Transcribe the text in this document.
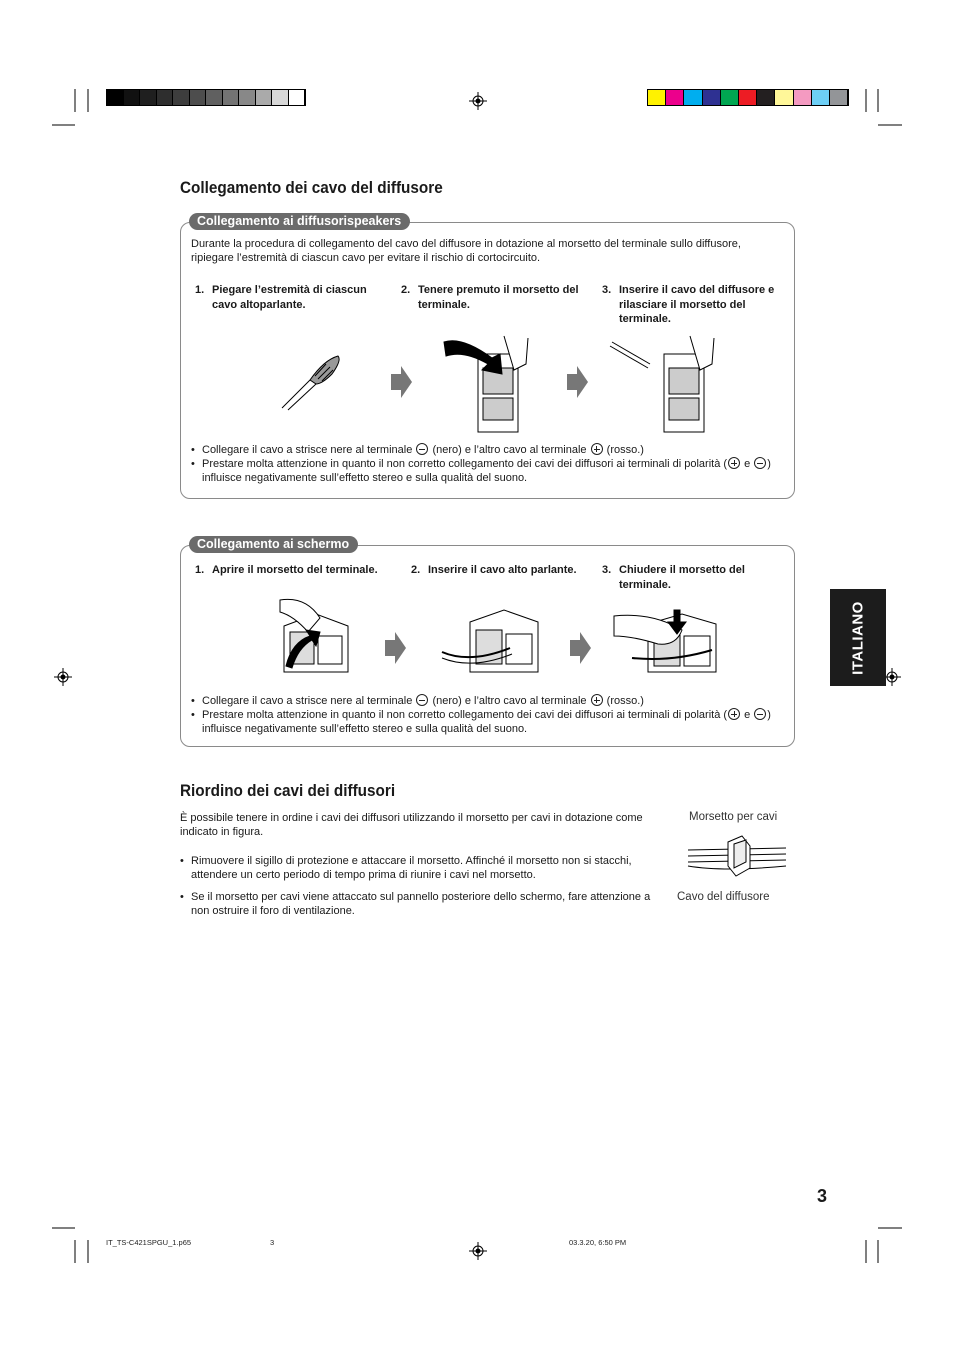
Collegamento dei cavo del diffusore
Collegamento ai diffusorispeakers
Durante la procedura di collegamento del cavo del diffusore in dotazione al morsetto del terminale sullo diffusore, ripiegare l’estremità di ciascun cavo per evitare il rischio di cortocircuito.
1. Piegare l’estremità di ciascun cavo altoparlante.
2. Tenere premuto il morsetto del terminale.
3. Inserire il cavo del diffusore e rilasciare il morsetto del terminale.
• Collegare il cavo a strisce nere al terminale (nero) e l’altro cavo al terminale (rosso.)
• Prestare molta attenzione in quanto il non corretto collegamento dei cavi dei diffusori ai terminali di polarità ( e ) influisce negativamente sull’effetto stereo e sulla qualità del suono.
Collegamento ai schermo
1. Aprire il morsetto del terminale.	2. Inserire il cavo alto parlante.	3. Chiudere il morsetto del terminale.
• Collegare il cavo a strisce nere al terminale (nero) e l’altro cavo al terminale (rosso.)
• Prestare molta attenzione in quanto il non corretto collegamento dei cavi dei diffusori ai terminali di polarità ( e ) influisce negativamente sull’effetto stereo e sulla qualità del suono.
ITALIANO
Riordino dei cavi dei diffusori
È possibile tenere in ordine i cavi dei diffusori utilizzando il morsetto per cavi in dotazione come indicato in figura.
• Rimuovere il sigillo di protezione e attaccare il morsetto. Affinché il morsetto non si stacchi, attendere un certo periodo di tempo prima di riunire i cavi nel morsetto.
• Se il morsetto per cavi viene attaccato sul pannello posteriore dello schermo, fare attenzione a non ostruire il foro di ventilazione.
Morsetto per cavi
Cavo del diffusore
3
IT_TS-C421SPGU_1.p65	3	03.3.20, 6:50 PM
